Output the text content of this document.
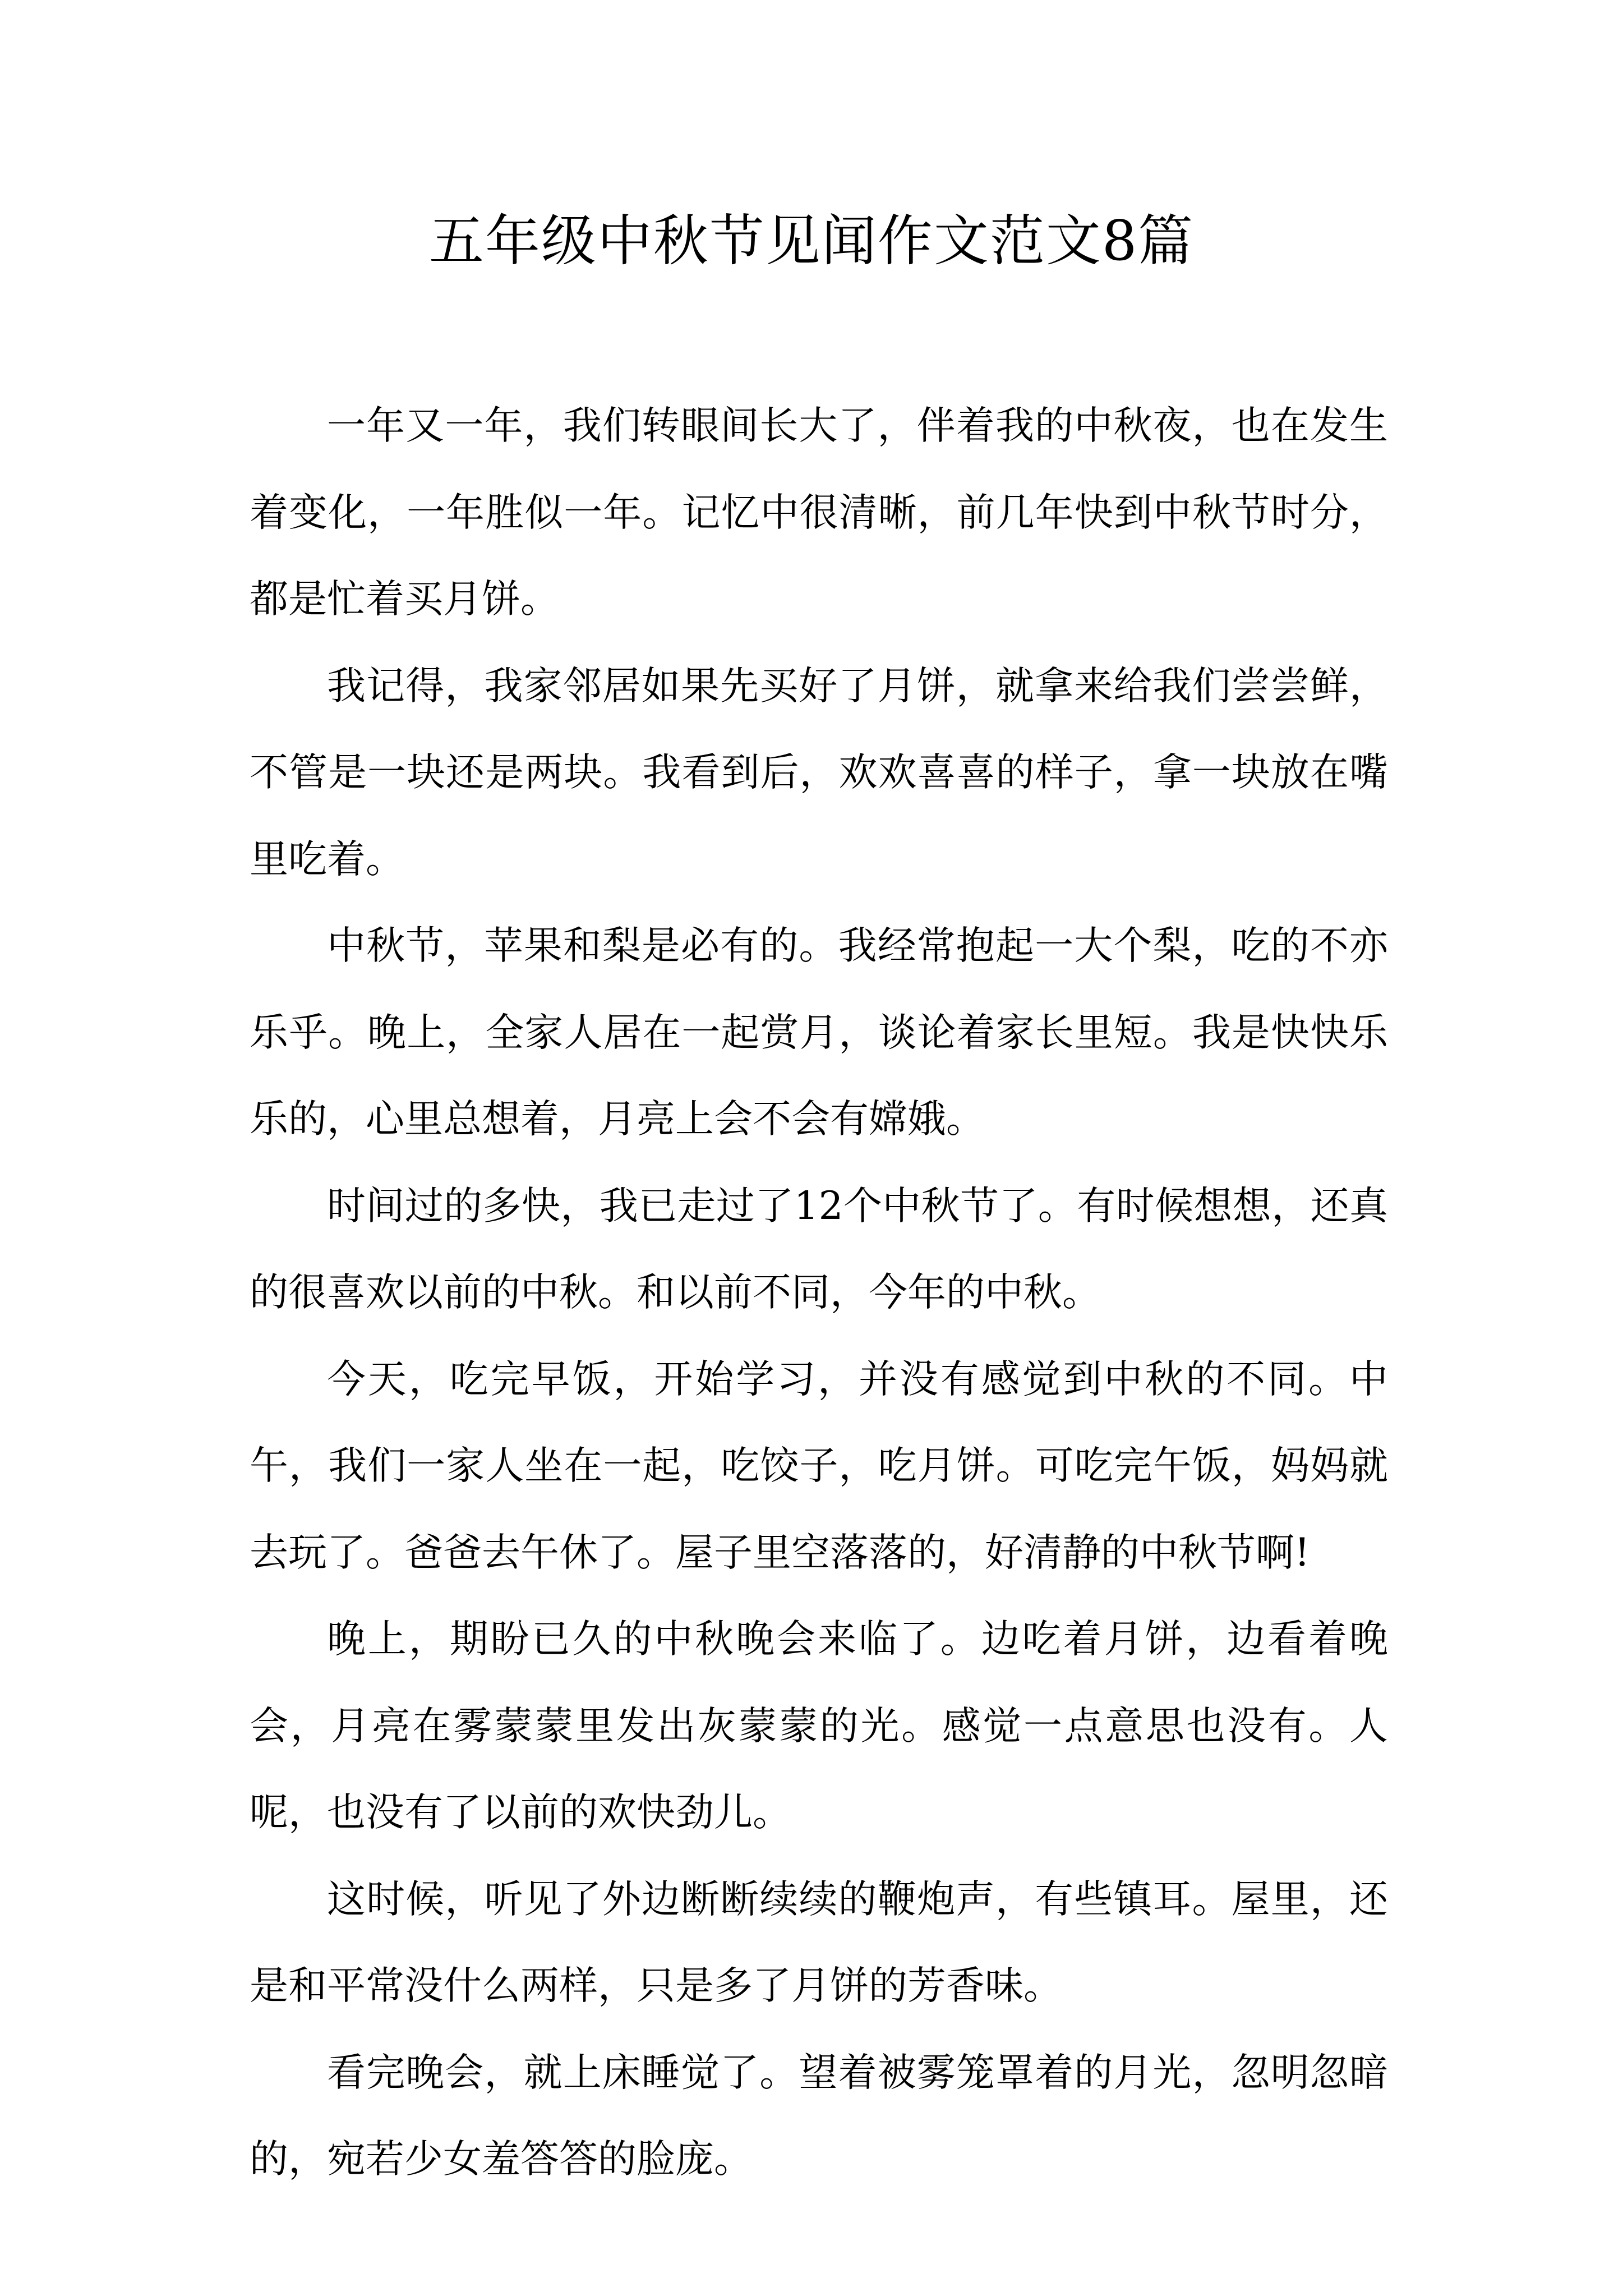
五年级中秋节见闻作文范文8篇

一年又一年，我们转眼间长大了，伴着我的中秋夜，也在发生着变化，一年胜似一年。记忆中很清晰，前几年快到中秋节时分，都是忙着买月饼。

我记得，我家邻居如果先买好了月饼，就拿来给我们尝尝鲜，不管是一块还是两块。我看到后，欢欢喜喜的样子，拿一块放在嘴里吃着。

中秋节，苹果和梨是必有的。我经常抱起一大个梨，吃的不亦乐乎。晚上，全家人居在一起赏月，谈论着家长里短。我是快快乐乐的，心里总想着，月亮上会不会有嫦娥。

时间过的多快，我已走过了12个中秋节了。有时候想想，还真的很喜欢以前的中秋。和以前不同，今年的中秋。

今天，吃完早饭，开始学习，并没有感觉到中秋的不同。中午，我们一家人坐在一起，吃饺子，吃月饼。可吃完午饭，妈妈就去玩了。爸爸去午休了。屋子里空落落的，好清静的中秋节啊!

晚上，期盼已久的中秋晚会来临了。边吃着月饼，边看着晚会，月亮在雾蒙蒙里发出灰蒙蒙的光。感觉一点意思也没有。人呢，也没有了以前的欢快劲儿。

这时候，听见了外边断断续续的鞭炮声，有些镇耳。屋里，还是和平常没什么两样，只是多了月饼的芳香味。

看完晚会，就上床睡觉了。望着被雾笼罩着的月光，忽明忽暗的，宛若少女羞答答的脸庞。
